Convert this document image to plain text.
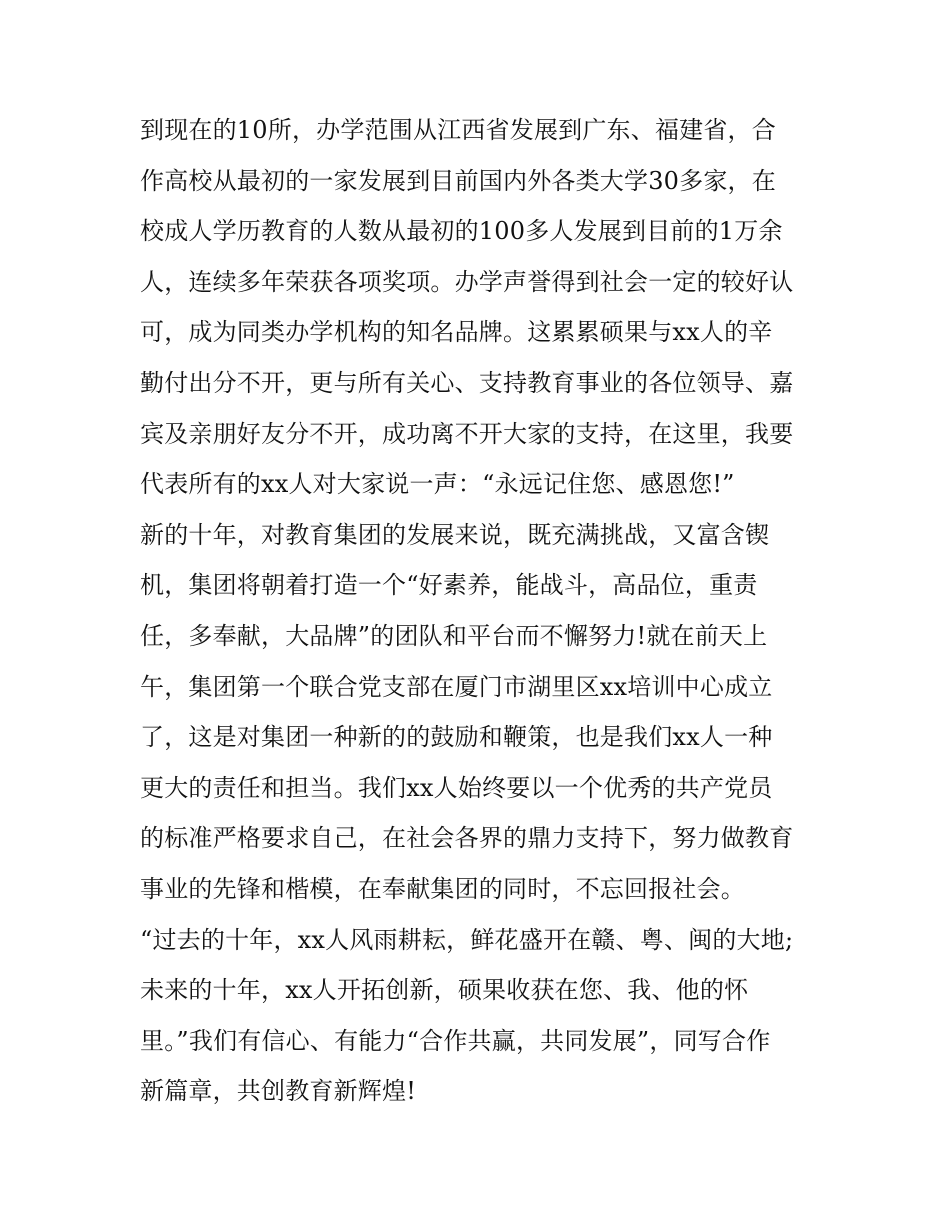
到现在的10所，办学范围从江西省发展到广东、福建省，合
作高校从最初的一家发展到目前国内外各类大学30多家，在
校成人学历教育的人数从最初的100多人发展到目前的1万余
人，连续多年荣获各项奖项。办学声誉得到社会一定的较好认
可，成为同类办学机构的知名品牌。这累累硕果与xx人的辛
勤付出分不开，更与所有关心、支持教育事业的各位领导、嘉
宾及亲朋好友分不开，成功离不开大家的支持，在这里，我要
代表所有的xx人对大家说一声：“永远记住您、感恩您!”
新的十年，对教育集团的发展来说，既充满挑战，又富含锲
机，集团将朝着打造一个“好素养，能战斗，高品位，重责
任，多奉献，大品牌”的团队和平台而不懈努力!就在前天上
午，集团第一个联合党支部在厦门市湖里区xx培训中心成立
了，这是对集团一种新的的鼓励和鞭策，也是我们xx人一种
更大的责任和担当。我们xx人始终要以一个优秀的共产党员
的标准严格要求自己，在社会各界的鼎力支持下，努力做教育
事业的先锋和楷模，在奉献集团的同时，不忘回报社会。
“过去的十年，xx人风雨耕耘，鲜花盛开在赣、粤、闽的大地;
未来的十年，xx人开拓创新，硕果收获在您、我、他的怀
里。”我们有信心、有能力“合作共赢，共同发展”，同写合作
新篇章，共创教育新辉煌!
